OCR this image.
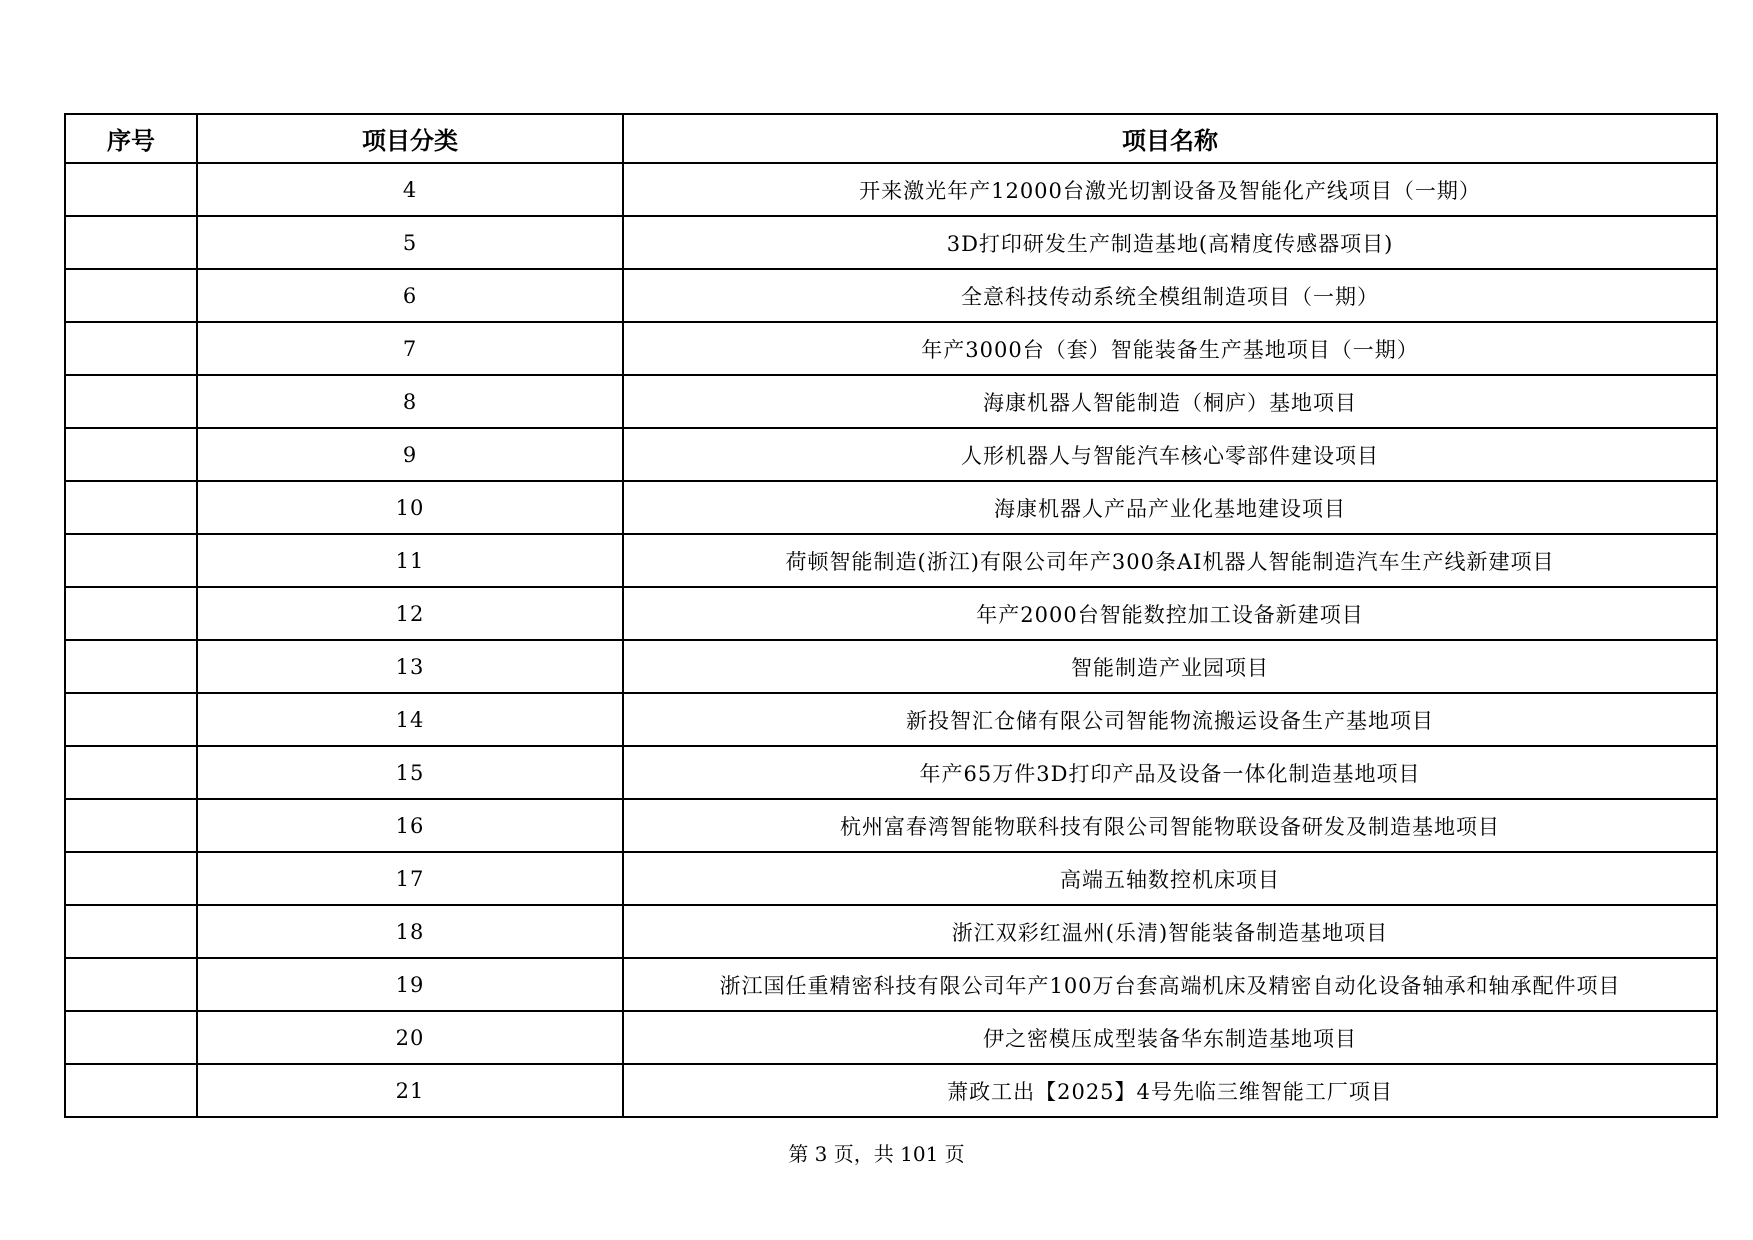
序号	项目分类	项目名称
	4	开来激光年产12000台激光切割设备及智能化产线项目（一期）
	5	3D打印研发生产制造基地(高精度传感器项目)
	6	全意科技传动系统全模组制造项目（一期）
	7	年产3000台（套）智能装备生产基地项目（一期）
	8	海康机器人智能制造（桐庐）基地项目
	9	人形机器人与智能汽车核心零部件建设项目
	10	海康机器人产品产业化基地建设项目
	11	荷顿智能制造(浙江)有限公司年产300条AI机器人智能制造汽车生产线新建项目
	12	年产2000台智能数控加工设备新建项目
	13	智能制造产业园项目
	14	新投智汇仓储有限公司智能物流搬运设备生产基地项目
	15	年产65万件3D打印产品及设备一体化制造基地项目
	16	杭州富春湾智能物联科技有限公司智能物联设备研发及制造基地项目
	17	高端五轴数控机床项目
	18	浙江双彩红温州(乐清)智能装备制造基地项目
	19	浙江国任重精密科技有限公司年产100万台套高端机床及精密自动化设备轴承和轴承配件项目
	20	伊之密模压成型装备华东制造基地项目
	21	萧政工出【2025】4号先临三维智能工厂项目
第 3 页，共 101 页
